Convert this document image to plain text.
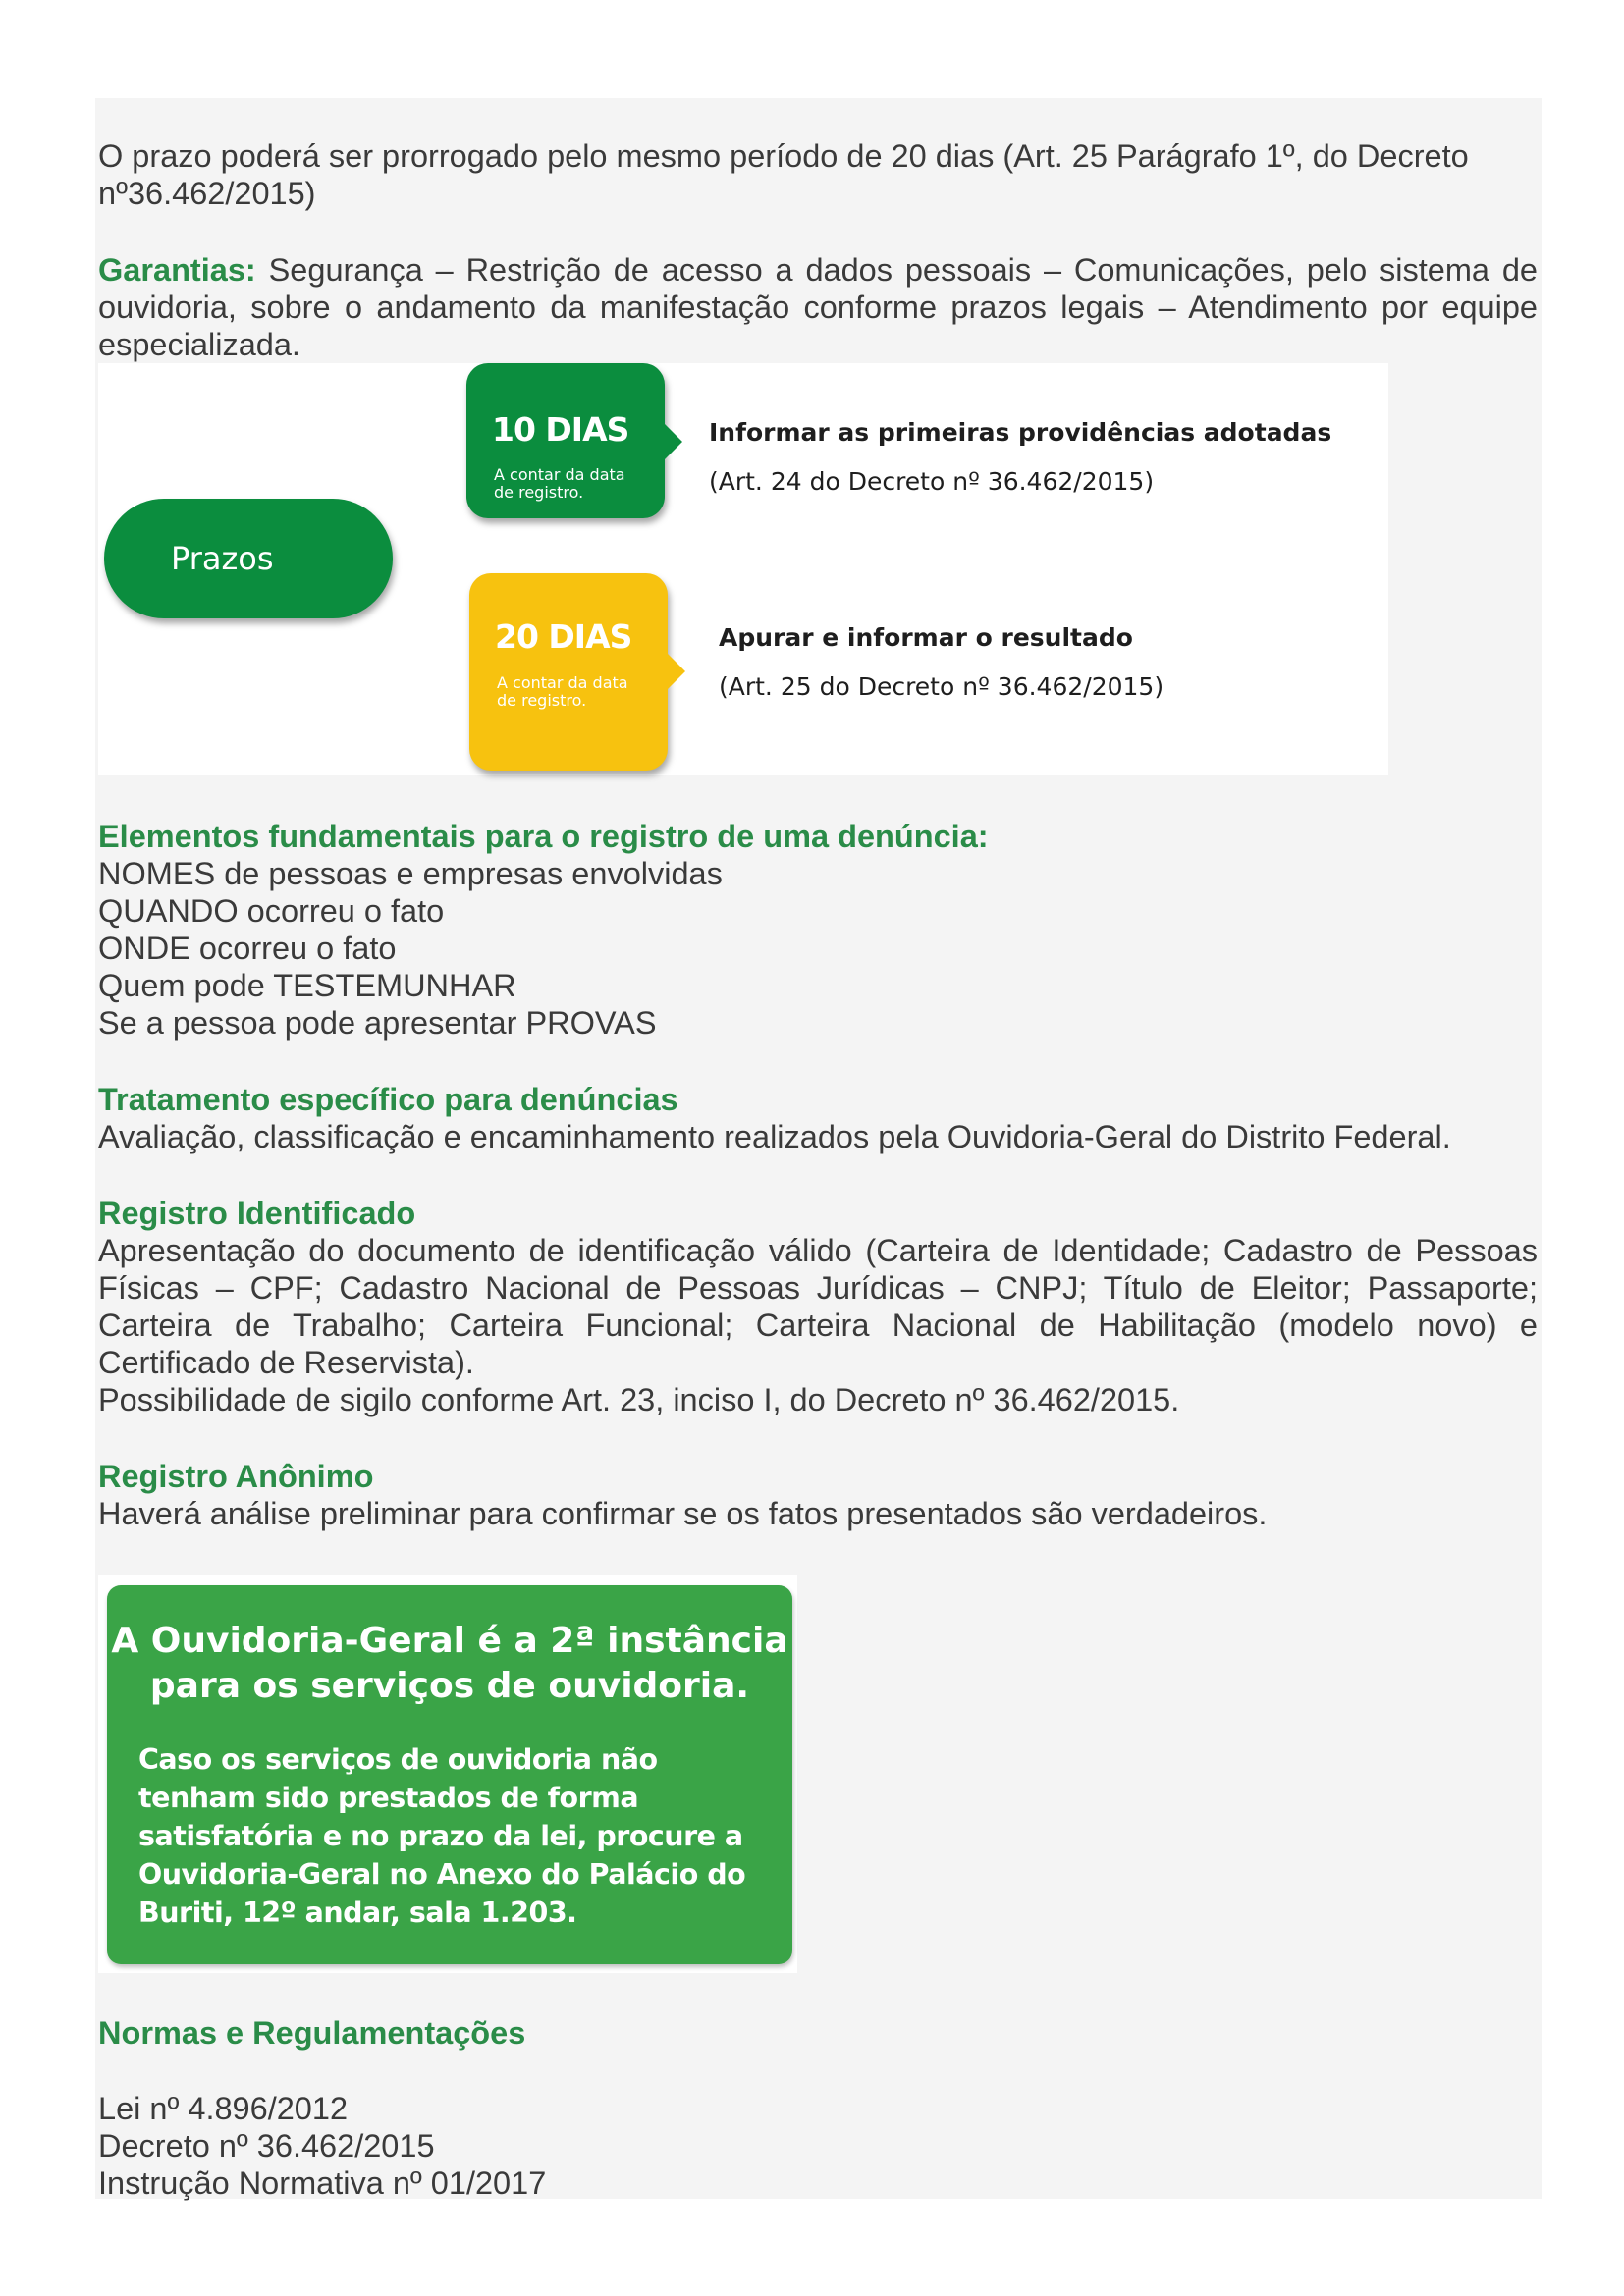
O prazo poderá ser prorrogado pelo mesmo período de 20 dias (Art. 25 Parágrafo 1º, do Decreto
nº36.462/2015)
Garantias: Segurança – Restrição de acesso a dados pessoais – Comunicações, pelo sistema de ouvidoria, sobre o andamento da manifestação conforme prazos legais – Atendimento por equipe especializada.
Prazos
10 DIAS
A contar da data de registro.
Informar as primeiras providências adotadas
(Art. 24 do Decreto nº 36.462/2015)
20 DIAS
A contar da data de registro.
Apurar e informar o resultado
(Art. 25 do Decreto nº 36.462/2015)
Elementos fundamentais para o registro de uma denúncia:
NOMES de pessoas e empresas envolvidas
QUANDO ocorreu o fato
ONDE ocorreu o fato
Quem pode TESTEMUNHAR
Se a pessoa pode apresentar PROVAS
Tratamento específico para denúncias
Avaliação, classificação e encaminhamento realizados pela Ouvidoria-Geral do Distrito Federal.
Registro Identificado
Apresentação do documento de identificação válido (Carteira de Identidade; Cadastro de Pessoas Físicas – CPF; Cadastro Nacional de Pessoas Jurídicas – CNPJ; Título de Eleitor; Passaporte; Carteira de Trabalho; Carteira Funcional; Carteira Nacional de Habilitação (modelo novo) e Certificado de Reservista).
Possibilidade de sigilo conforme Art. 23, inciso I, do Decreto nº 36.462/2015.
Registro Anônimo
Haverá análise preliminar para confirmar se os fatos presentados são verdadeiros.
A Ouvidoria-Geral é a 2ª instância
para os serviços de ouvidoria.
Caso os serviços de ouvidoria não tenham sido prestados de forma satisfatória e no prazo da lei, procure a Ouvidoria-Geral no Anexo do Palácio do Buriti, 12º andar, sala 1.203.
Normas e Regulamentações
Lei nº 4.896/2012
Decreto nº 36.462/2015
Instrução Normativa nº 01/2017
